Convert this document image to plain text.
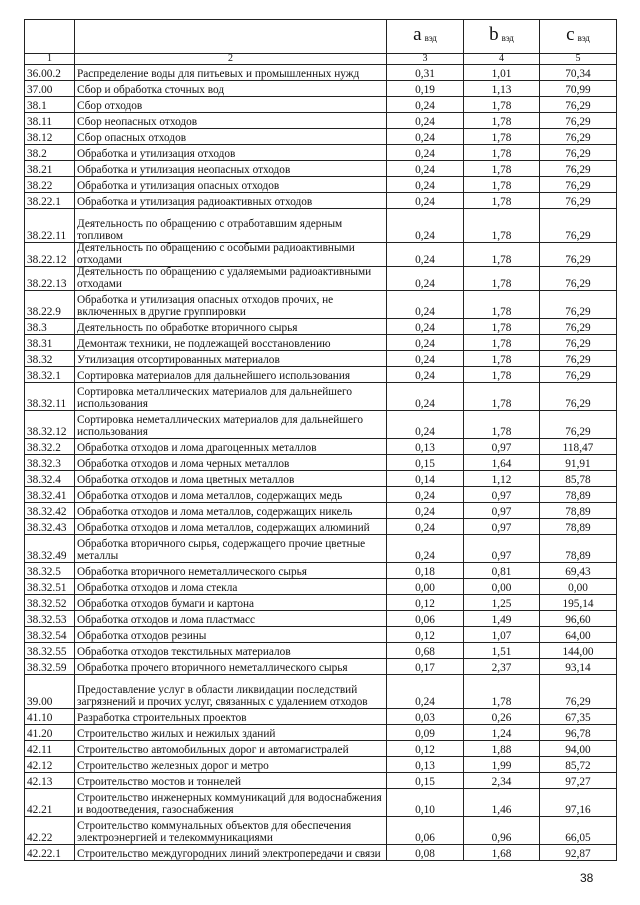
		a $_{вэд}$	b $_{вэд}$	c $_{вэд}$
1	2	3	4	5
36.00.2	Распределение воды для питьевых и промышленных нужд	0,31	1,01	70,34
37.00	Сбор и обработка сточных вод	0,19	1,13	70,99
38.1	Сбор отходов	0,24	1,78	76,29
38.11	Сбор неопасных отходов	0,24	1,78	76,29
38.12	Сбор опасных отходов	0,24	1,78	76,29
38.2	Обработка и утилизация отходов	0,24	1,78	76,29
38.21	Обработка и утилизация неопасных отходов	0,24	1,78	76,29
38.22	Обработка и утилизация опасных отходов	0,24	1,78	76,29
38.22.1	Обработка и утилизация радиоактивных отходов	0,24	1,78	76,29
38.22.11	Деятельность по обращению с отработавшим ядерным топливом	0,24	1,78	76,29
38.22.12	Деятельность по обращению с особыми радиоактивными отходами	0,24	1,78	76,29
38.22.13	Деятельность по обращению с удаляемыми радиоактивными отходами	0,24	1,78	76,29
38.22.9	Обработка и утилизация опасных отходов прочих, не включенных в другие группировки	0,24	1,78	76,29
38.3	Деятельность по обработке вторичного сырья	0,24	1,78	76,29
38.31	Демонтаж техники, не подлежащей восстановлению	0,24	1,78	76,29
38.32	Утилизация отсортированных материалов	0,24	1,78	76,29
38.32.1	Сортировка материалов для дальнейшего использования	0,24	1,78	76,29
38.32.11	Сортировка металлических материалов для дальнейшего использования	0,24	1,78	76,29
38.32.12	Сортировка неметаллических материалов для дальнейшего использования	0,24	1,78	76,29
38.32.2	Обработка отходов и лома драгоценных металлов	0,13	0,97	118,47
38.32.3	Обработка отходов и лома черных металлов	0,15	1,64	91,91
38.32.4	Обработка отходов и лома цветных металлов	0,14	1,12	85,78
38.32.41	Обработка отходов и лома металлов, содержащих медь	0,24	0,97	78,89
38.32.42	Обработка отходов и лома металлов, содержащих никель	0,24	0,97	78,89
38.32.43	Обработка отходов и лома металлов, содержащих алюминий	0,24	0,97	78,89
38.32.49	Обработка вторичного сырья, содержащего прочие цветные металлы	0,24	0,97	78,89
38.32.5	Обработка вторичного неметаллического сырья	0,18	0,81	69,43
38.32.51	Обработка отходов и лома стекла	0,00	0,00	0,00
38.32.52	Обработка отходов бумаги и картона	0,12	1,25	195,14
38.32.53	Обработка отходов и лома пластмасс	0,06	1,49	96,60
38.32.54	Обработка отходов резины	0,12	1,07	64,00
38.32.55	Обработка отходов текстильных материалов	0,68	1,51	144,00
38.32.59	Обработка прочего вторичного неметаллического сырья	0,17	2,37	93,14
39.00	Предоставление услуг в области ликвидации последствий загрязнений и прочих услуг, связанных с удалением отходов	0,24	1,78	76,29
41.10	Разработка строительных проектов	0,03	0,26	67,35
41.20	Строительство жилых и нежилых зданий	0,09	1,24	96,78
42.11	Строительство автомобильных дорог и автомагистралей	0,12	1,88	94,00
42.12	Строительство железных дорог и метро	0,13	1,99	85,72
42.13	Строительство мостов и тоннелей	0,15	2,34	97,27
42.21	Строительство инженерных коммуникаций для водоснабжения и водоотведения, газоснабжения	0,10	1,46	97,16
42.22	Строительство коммунальных объектов для обеспечения электроэнергией и телекоммуникациями	0,06	0,96	66,05
42.22.1	Строительство междугородних линий электропередачи и связи	0,08	1,68	92,87
38
